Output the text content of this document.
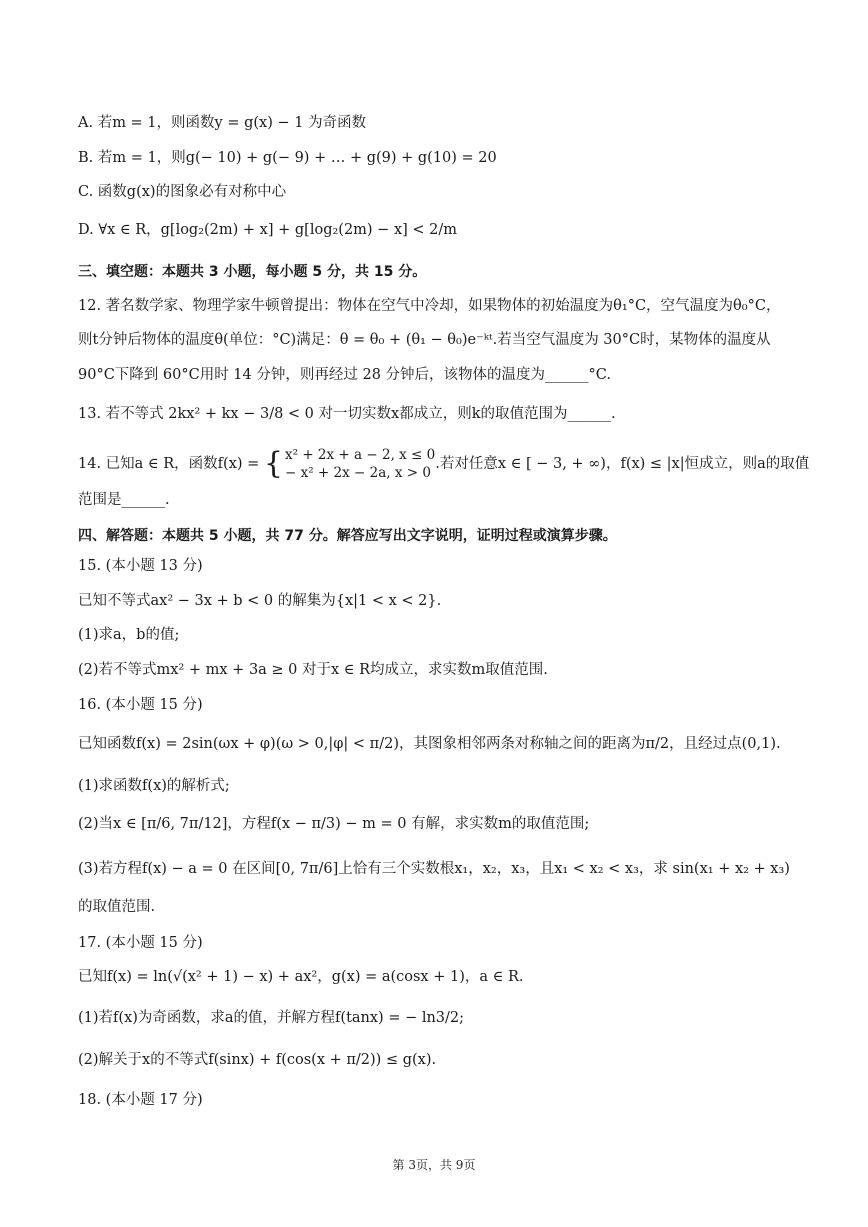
A. 若m = 1，则函数y = g(x) − 1 为奇函数
B. 若m = 1，则g(− 10) + g(− 9) + … + g(9) + g(10) = 20
C. 函数g(x)的图象必有对称中心
D. ∀x ∈ R，g[log₂(2m) + x] + g[log₂(2m) − x] < 2/m
三、填空题：本题共 3 小题，每小题 5 分，共 15 分。
12. 著名数学家、物理学家牛顿曾提出：物体在空气中冷却，如果物体的初始温度为θ₁°C，空气温度为θ₀°C，
则t分钟后物体的温度θ(单位：°C)满足：θ = θ₀ + (θ₁ − θ₀)e⁻ᵏᵗ.若当空气温度为 30°C时，某物体的温度从
90°C下降到 60°C用时 14 分钟，则再经过 28 分钟后，该物体的温度为______°C.
13. 若不等式 2kx² + kx − 3/8 < 0 对一切实数x都成立，则k的取值范围为______.
14. 已知a ∈ R，函数f(x) = { x² + 2x + a − 2, x ≤ 0
− x² + 2x − 2a, x > 0
.若对任意x ∈ [ − 3, + ∞)，f(x) ≤ |x|恒成立，则a的取值
范围是______.
四、解答题：本题共 5 小题，共 77 分。解答应写出文字说明，证明过程或演算步骤。
15. (本小题 13 分)
已知不等式ax² − 3x + b < 0 的解集为{x|1 < x < 2}.
(1)求a，b的值;
(2)若不等式mx² + mx + 3a ≥ 0 对于x ∈ R均成立，求实数m取值范围.
16. (本小题 15 分)
已知函数f(x) = 2sin(ωx + φ)(ω > 0,|φ| < π/2)，其图象相邻两条对称轴之间的距离为π/2，且经过点(0,1).
(1)求函数f(x)的解析式;
(2)当x ∈ [π/6, 7π/12]，方程f(x − π/3) − m = 0 有解，求实数m的取值范围;
(3)若方程f(x) − a = 0 在区间[0, 7π/6]上恰有三个实数根x₁，x₂，x₃，且x₁ < x₂ < x₃，求 sin(x₁ + x₂ + x₃)
的取值范围.
17. (本小题 15 分)
已知f(x) = ln(√(x² + 1) − x) + ax²，g(x) = a(cosx + 1)，a ∈ R.
(1)若f(x)为奇函数，求a的值，并解方程f(tanx) = − ln3/2;
(2)解关于x的不等式f(sinx) + f(cos(x + π/2)) ≤ g(x).
18. (本小题 17 分)
第 3页，共 9页
